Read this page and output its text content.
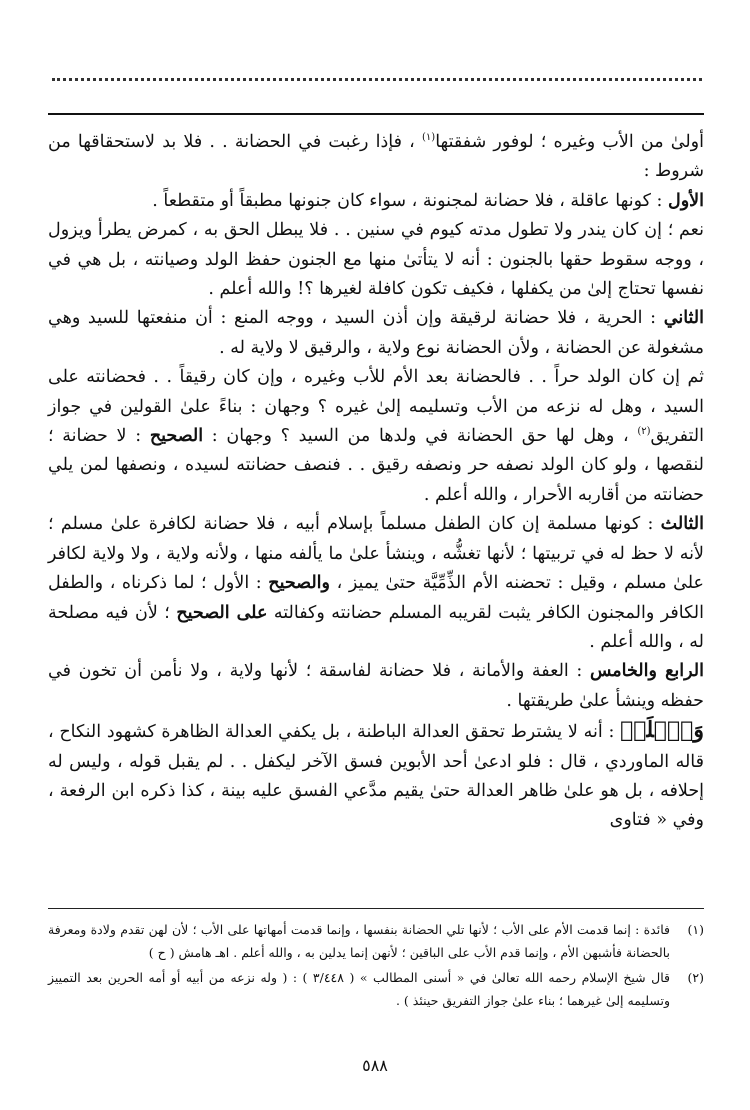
أولىٰ من الأب وغيره ؛ لوفور شفقتها$^{(١)}$ ، فإذا رغبت في الحضانة . . فلا بد لاستحقاقها من شروط :

الأول : كونها عاقلة ، فلا حضانة لمجنونة ، سواء كان جنونها مطبقاً أو متقطعاً .

نعم ؛ إن كان يندر ولا تطول مدته كيوم في سنين . . فلا يبطل الحق به ، كمرض يطرأ ويزول ، ووجه سقوط حقها بالجنون : أنه لا يتأتىٰ منها مع الجنون حفظ الولد وصيانته ، بل هي في نفسها تحتاج إلىٰ من يكفلها ، فكيف تكون كافلة لغيرها ؟! والله أعلم .

الثاني : الحرية ، فلا حضانة لرقيقة وإن أذن السيد ، ووجه المنع : أن منفعتها للسيد وهي مشغولة عن الحضانة ، ولأن الحضانة نوع ولاية ، والرقيق لا ولاية له .

ثم إن كان الولد حراً . . فالحضانة بعد الأم للأب وغيره ، وإن كان رقيقاً . . فحضانته على السيد ، وهل له نزعه من الأب وتسليمه إلىٰ غيره ؟ وجهان : بناءً علىٰ القولين في جواز التفريق$^{(٢)}$ ، وهل لها حق الحضانة في ولدها من السيد ؟ وجهان : الصحيح : لا حضانة ؛ لنقصها ، ولو كان الولد نصفه حر ونصفه رقيق . . فنصف حضانته لسيده ، ونصفها لمن يلي حضانته من أقاربه الأحرار ، والله أعلم .

الثالث : كونها مسلمة إن كان الطفل مسلماً بإسلام أبيه ، فلا حضانة لكافرة علىٰ مسلم ؛ لأنه لا حظ له في تربيتها ؛ لأنها تغشُّه ، وينشأ علىٰ ما يألفه منها ، ولأنه ولاية ، ولا ولاية لكافر علىٰ مسلم ، وقيل : تحضنه الأم الذِّمِّيَّة حتىٰ يميز ، والصحيح : الأول ؛ لما ذكرناه ، والطفل الكافر والمجنون الكافر يثبت لقريبه المسلم حضانته وكفالته على الصحيح ؛ لأن فيه مصلحة له ، والله أعلم .

الرابع والخامس : العفة والأمانة ، فلا حضانة لفاسقة ؛ لأنها ولاية ، ولا نأمن أن تخون في حفظه وينشأ علىٰ طريقتها .

وَٱعۡلَمۡ : أنه لا يشترط تحقق العدالة الباطنة ، بل يكفي العدالة الظاهرة كشهود النكاح ، قاله الماوردي ، قال : فلو ادعىٰ أحد الأبوين فسق الآخر ليكفل . . لم يقبل قوله ، وليس له إحلافه ، بل هو علىٰ ظاهر العدالة حتىٰ يقيم مدَّعي الفسق عليه بينة ، كذا ذكره ابن الرفعة ، وفي « فتاوى

(١)
فائدة : إنما قدمت الأم على الأب ؛ لأنها تلي الحضانة بنفسها ، وإنما قدمت أمهاتها على الأب ؛ لأن لهن تقدم ولادة ومعرفة بالحضانة فأشبهن الأم ، وإنما قدم الأب على الباقين ؛ لأنهن إنما يدلين به ، والله أعلم . اهـ هامش ( ح )
(٢)
قال شيخ الإسلام رحمه الله تعالىٰ في « أسنى المطالب » ( ٣/٤٤٨ ) : ( وله نزعه من أبيه أو أمه الحرين بعد التمييز وتسليمه إلىٰ غيرهما ؛ بناء علىٰ جواز التفريق حينئذ ) .
٥٨٨
